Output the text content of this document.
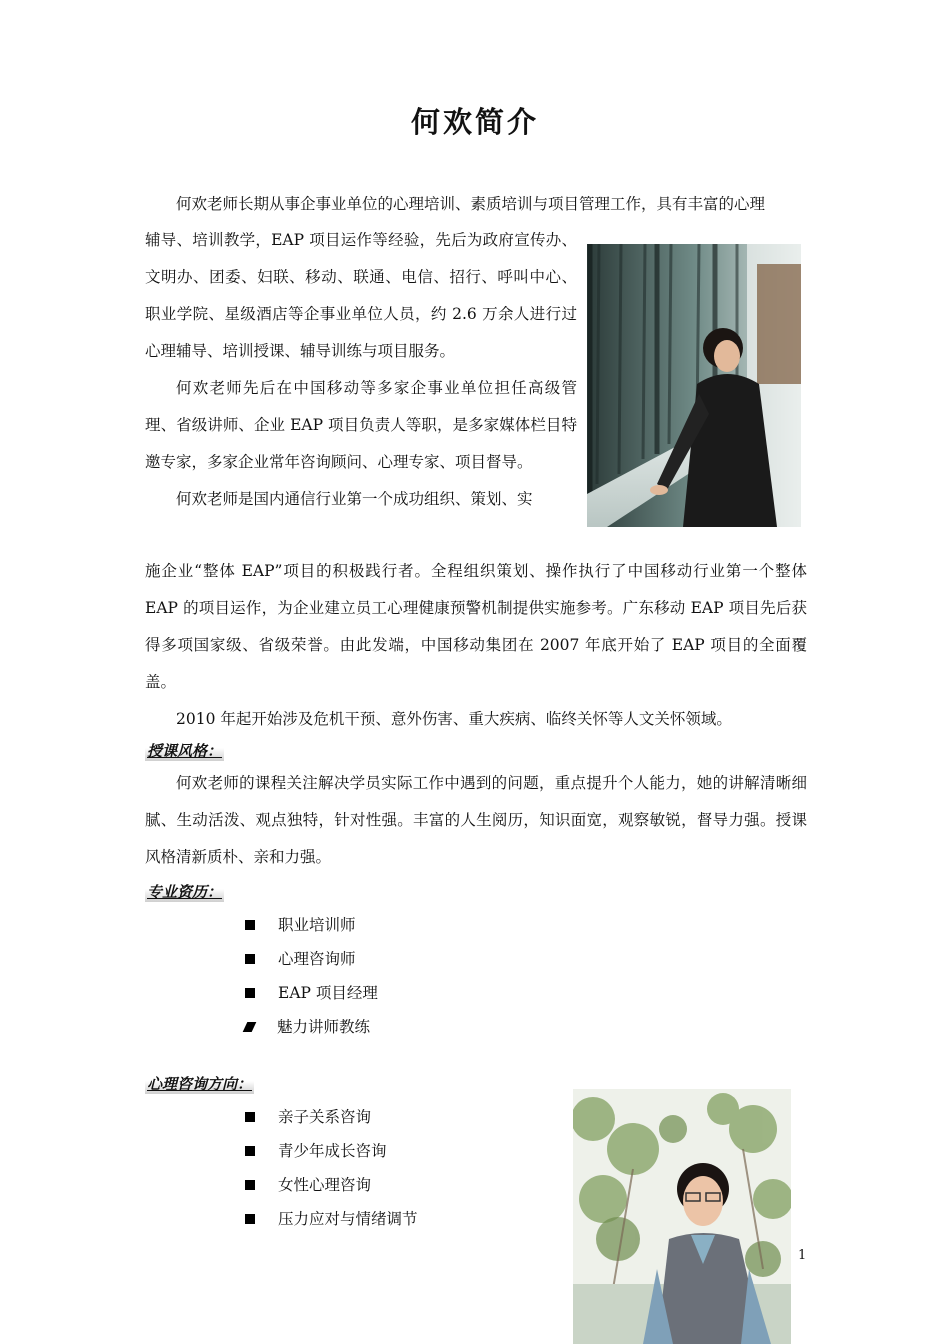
何欢简介

何欢老师长期从事企事业单位的心理培训、素质培训与项目管理工作，具有丰富的心理

辅导、培训教学，EAP 项目运作等经验，先后为政府宣传办、文明办、团委、妇联、移动、联通、电信、招行、呼叫中心、职业学院、星级酒店等企事业单位人员，约 2.6 万余人进行过心理辅导、培训授课、辅导训练与项目服务。

何欢老师先后在中国移动等多家企事业单位担任高级管理、省级讲师、企业 EAP 项目负责人等职，是多家媒体栏目特邀专家，多家企业常年咨询顾问、心理专家、项目督导。

何欢老师是国内通信行业第一个成功组织、策划、实

施企业“整体 EAP”项目的积极践行者。全程组织策划、操作执行了中国移动行业第一个整体 EAP 的项目运作，为企业建立员工心理健康预警机制提供实施参考。广东移动 EAP 项目先后获得多项国家级、省级荣誉。由此发端，中国移动集团在 2007 年底开始了 EAP 项目的全面覆盖。

2010 年起开始涉及危机干预、意外伤害、重大疾病、临终关怀等人文关怀领域。

授课风格：

何欢老师的课程关注解决学员实际工作中遇到的问题，重点提升个人能力，她的讲解清晰细腻、生动活泼、观点独特，针对性强。丰富的人生阅历，知识面宽，观察敏锐，督导力强。授课风格清新质朴、亲和力强。

专业资历：
职业培训师
心理咨询师
EAP 项目经理
魅力讲师教练
心理咨询方向：
亲子关系咨询
青少年成长咨询
女性心理咨询
压力应对与情绪调节
1
